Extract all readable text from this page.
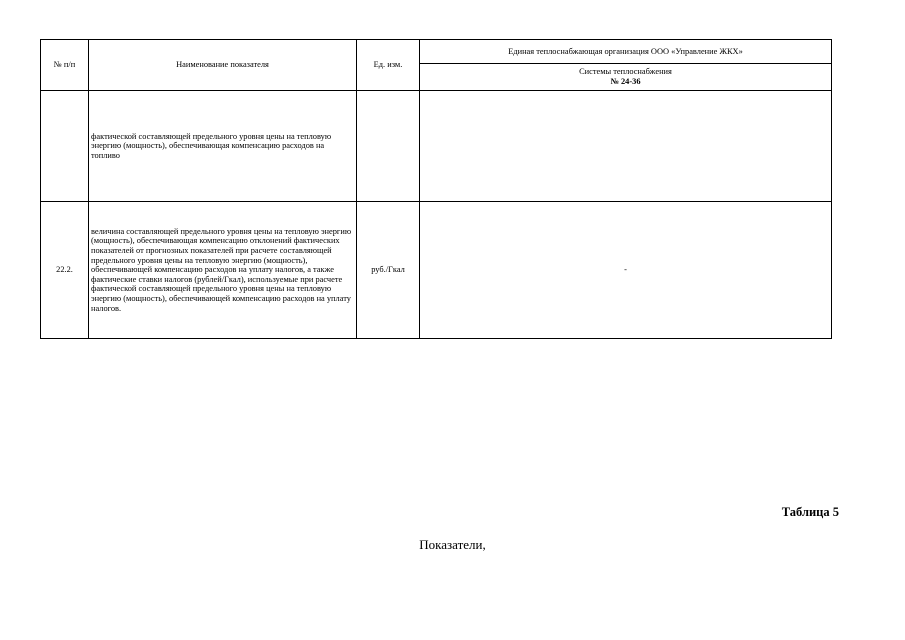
№ п/п	Наименование показателя	Ед. изм.	Единая теплоснабжающая организация ООО «Управление ЖКХ»
			Системы теплоснабжения
№ 24-36

	фактической составляющей предельного уровня цены на тепловую энергию (мощность), обеспечивающая компенсацию расходов на топливо		
22.2.	величина составляющей предельного уровня цены на тепловую энергию (мощность), обеспечивающая компенсацию отклонений фактических показателей от прогнозных показателей при расчете составляющей предельного уровня цены на тепловую энергию (мощность), обеспечивающей компенсацию расходов на уплату налогов, а также фактические ставки налогов (рублей/Гкал), используемые при расчете фактической составляющей предельного уровня цены на тепловую энергию (мощность), обеспечивающей компенсацию расходов на уплату налогов.	руб./Гкал	-
Таблица 5
Показатели,
